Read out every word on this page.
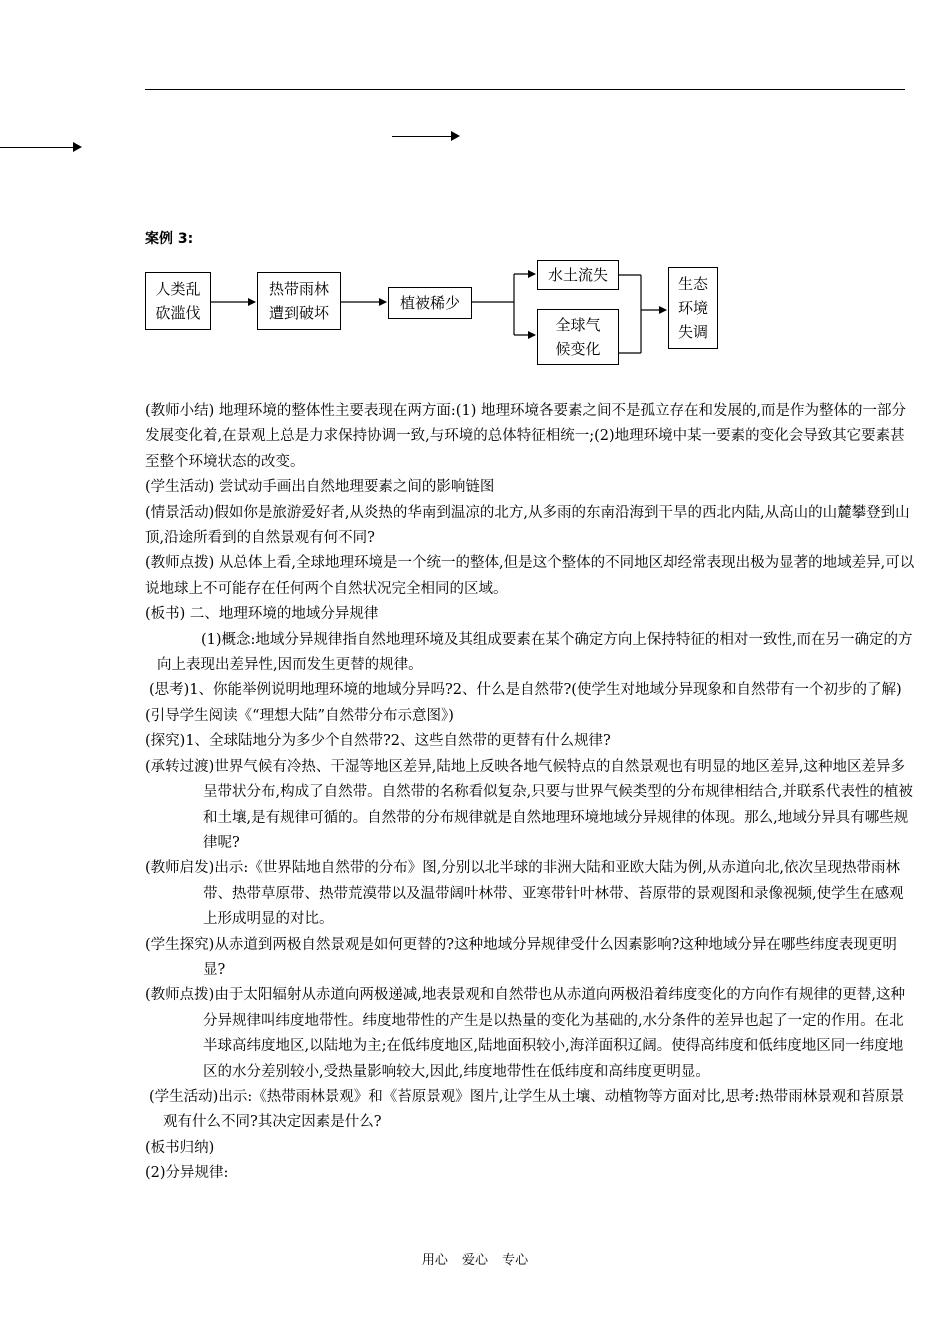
案例 3:
人类乱
砍滥伐
热带雨林
遭到破坏
植被稀少
水土流失
全球气
候变化
生态
环境
失调

(教师小结) 地理环境的整体性主要表现在两方面:(1) 地理环境各要素之间不是孤立存在和发展的,而是作为整体的一部分发展变化着,在景观上总是力求保持协调一致,与环境的总体特征相统一;(2)地理环境中某一要素的变化会导致其它要素甚至整个环境状态的改变。

(学生活动) 尝试动手画出自然地理要素之间的影响链图

(情景活动)假如你是旅游爱好者,从炎热的华南到温凉的北方,从多雨的东南沿海到干旱的西北内陆,从高山的山麓攀登到山顶,沿途所看到的自然景观有何不同?

(教师点拨) 从总体上看,全球地理环境是一个统一的整体,但是这个整体的不同地区却经常表现出极为显著的地域差异,可以说地球上不可能存在任何两个自然状况完全相同的区域。

(板书) 二、地理环境的地域分异规律

(1)概念:地域分异规律指自然地理环境及其组成要素在某个确定方向上保持特征的相对一致性,而在另一确定的方向上表现出差异性,因而发生更替的规律。

(思考)1、你能举例说明地理环境的地域分异吗?2、什么是自然带?(使学生对地域分异现象和自然带有一个初步的了解)

(引导学生阅读《“理想大陆”自然带分布示意图》)

(探究)1、全球陆地分为多少个自然带?2、这些自然带的更替有什么规律?

(承转过渡)世界气候有冷热、干湿等地区差异,陆地上反映各地气候特点的自然景观也有明显的地区差异,这种地区差异多呈带状分布,构成了自然带。自然带的名称看似复杂,只要与世界气候类型的分布规律相结合,并联系代表性的植被和土壤,是有规律可循的。自然带的分布规律就是自然地理环境地域分异规律的体现。那么,地域分异具有哪些规律呢?

(教师启发)出示:《世界陆地自然带的分布》图,分别以北半球的非洲大陆和亚欧大陆为例,从赤道向北,依次呈现热带雨林带、热带草原带、热带荒漠带以及温带阔叶林带、亚寒带针叶林带、苔原带的景观图和录像视频,使学生在感观上形成明显的对比。

(学生探究)从赤道到两极自然景观是如何更替的?这种地域分异规律受什么因素影响?这种地域分异在哪些纬度表现更明显?

(教师点拨)由于太阳辐射从赤道向两极递减,地表景观和自然带也从赤道向两极沿着纬度变化的方向作有规律的更替,这种分异规律叫纬度地带性。纬度地带性的产生是以热量的变化为基础的,水分条件的差异也起了一定的作用。在北半球高纬度地区,以陆地为主;在低纬度地区,陆地面积较小,海洋面积辽阔。使得高纬度和低纬度地区同一纬度地区的水分差别较小,受热量影响较大,因此,纬度地带性在低纬度和高纬度更明显。

(学生活动)出示:《热带雨林景观》和《苔原景观》图片,让学生从土壤、动植物等方面对比,思考:热带雨林景观和苔原景观有什么不同?其决定因素是什么?

(板书归纳)

(2)分异规律:

用心 爱心 专心
